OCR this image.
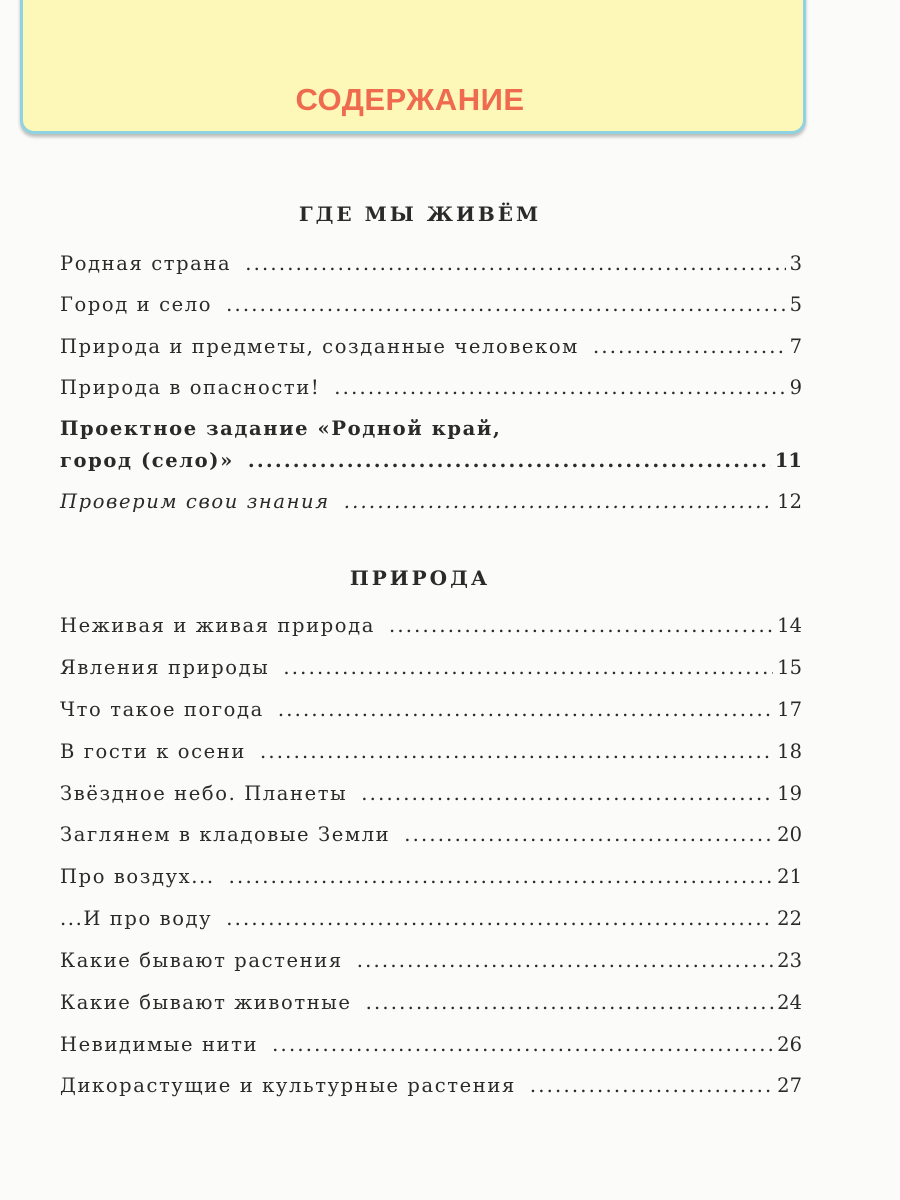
СОДЕРЖАНИЕ
ГДЕ МЫ ЖИВЁМ
Родная страна .....	3
Город и село .....	5
Природа и предметы, созданные человеком .....	7
Природа в опасности! .....	9
Проектное задание «Родной край,
город (село)» .....	11
Проверим свои знания .....	12
ПРИРОДА
Неживая и живая природа .....	14
Явления природы .....	15
Что такое погода .....	17
В гости к осени .....	18
Звёздное небо. Планеты .....	19
Заглянем в кладовые Земли .....	20
Про воздух... .....	21
...И про воду .....	22
Какие бывают растения .....	23
Какие бывают животные .....	24
Невидимые нити .....	26
Дикорастущие и культурные растения .....	27
